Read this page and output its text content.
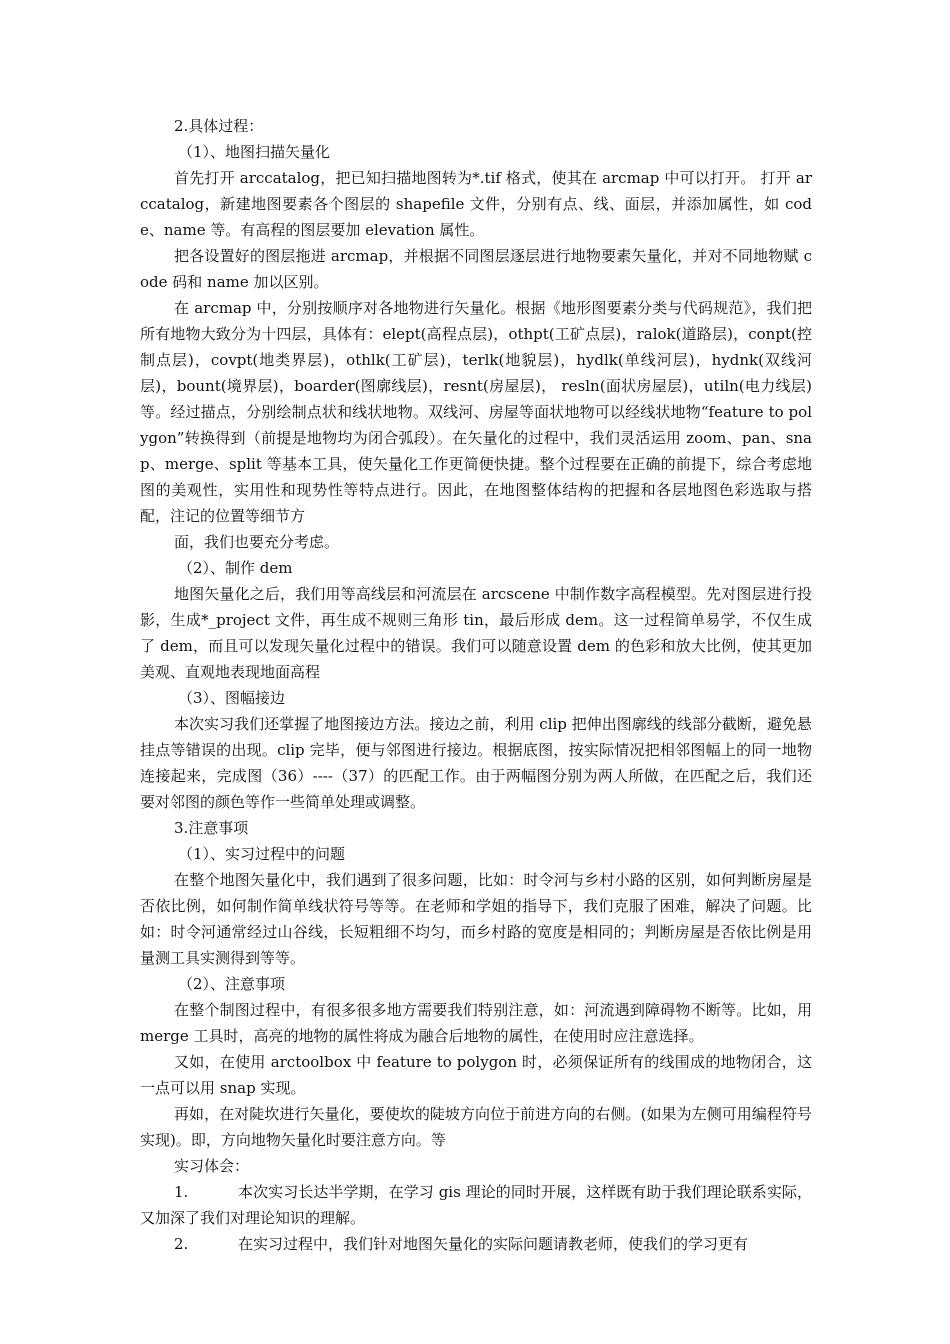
2.具体过程：

（1）、地图扫描矢量化

首先打开 arccatalog，把已知扫描地图转为*.tif 格式，使其在 arcmap 中可以打开。 打开 arccatalog，新建地图要素各个图层的 shapefile 文件，分别有点、线、面层，并添加属性，如 code、name 等。有高程的图层要加 elevation 属性。

把各设置好的图层拖进 arcmap，并根据不同图层逐层进行地物要素矢量化，并对不同地物赋 code 码和 name 加以区别。

在 arcmap 中，分别按顺序对各地物进行矢量化。根据《地形图要素分类与代码规范》，我们把所有地物大致分为十四层，具体有：elept(高程点层)，othpt(工矿点层)，ralok(道路层)，conpt(控制点层)，covpt(地类界层)，othlk(工矿层)，terlk(地貌层)，hydlk(单线河层)，hydnk(双线河层)，bount(境界层)，boarder(图廓线层)，resnt(房屋层)， resln(面状房屋层)，utiln(电力线层)等。经过描点，分别绘制点状和线状地物。双线河、房屋等面状地物可以经线状地物“feature to polygon”转换得到（前提是地物均为闭合弧段）。在矢量化的过程中，我们灵活运用 zoom、pan、snap、merge、split 等基本工具，使矢量化工作更简便快捷。整个过程要在正确的前提下，综合考虑地图的美观性，实用性和现势性等特点进行。因此，在地图整体结构的把握和各层地图色彩选取与搭配，注记的位置等细节方

面，我们也要充分考虑。

（2）、制作 dem

地图矢量化之后，我们用等高线层和河流层在 arcscene 中制作数字高程模型。先对图层进行投影，生成*_project 文件，再生成不规则三角形 tin，最后形成 dem。这一过程简单易学，不仅生成了 dem，而且可以发现矢量化过程中的错误。我们可以随意设置 dem 的色彩和放大比例，使其更加美观、直观地表现地面高程

（3）、图幅接边

本次实习我们还掌握了地图接边方法。接边之前，利用 clip 把伸出图廓线的线部分截断，避免悬挂点等错误的出现。clip 完毕，便与邻图进行接边。根据底图，按实际情况把相邻图幅上的同一地物连接起来，完成图（36）----（37）的匹配工作。由于两幅图分别为两人所做，在匹配之后，我们还要对邻图的颜色等作一些简单处理或调整。

3.注意事项

（1）、实习过程中的问题

在整个地图矢量化中，我们遇到了很多问题，比如：时令河与乡村小路的区别，如何判断房屋是否依比例，如何制作简单线状符号等等。在老师和学姐的指导下，我们克服了困难，解决了问题。比如：时令河通常经过山谷线，长短粗细不均匀，而乡村路的宽度是相同的；判断房屋是否依比例是用量测工具实测得到等等。

（2）、注意事项

在整个制图过程中，有很多很多地方需要我们特别注意，如：河流遇到障碍物不断等。比如，用 merge 工具时，高亮的地物的属性将成为融合后地物的属性，在使用时应注意选择。

又如，在使用 arctoolbox 中 feature to polygon 时，必须保证所有的线围成的地物闭合，这一点可以用 snap 实现。

再如，在对陡坎进行矢量化，要使坎的陡坡方向位于前进方向的右侧。(如果为左侧可用编程符号实现)。即，方向地物矢量化时要注意方向。等

实习体会：

1.	本次实习长达半学期，在学习 gis 理论的同时开展，这样既有助于我们理论联系实际，又加深了我们对理论知识的理解。

2.	在实习过程中，我们针对地图矢量化的实际问题请教老师，使我们的学习更有
